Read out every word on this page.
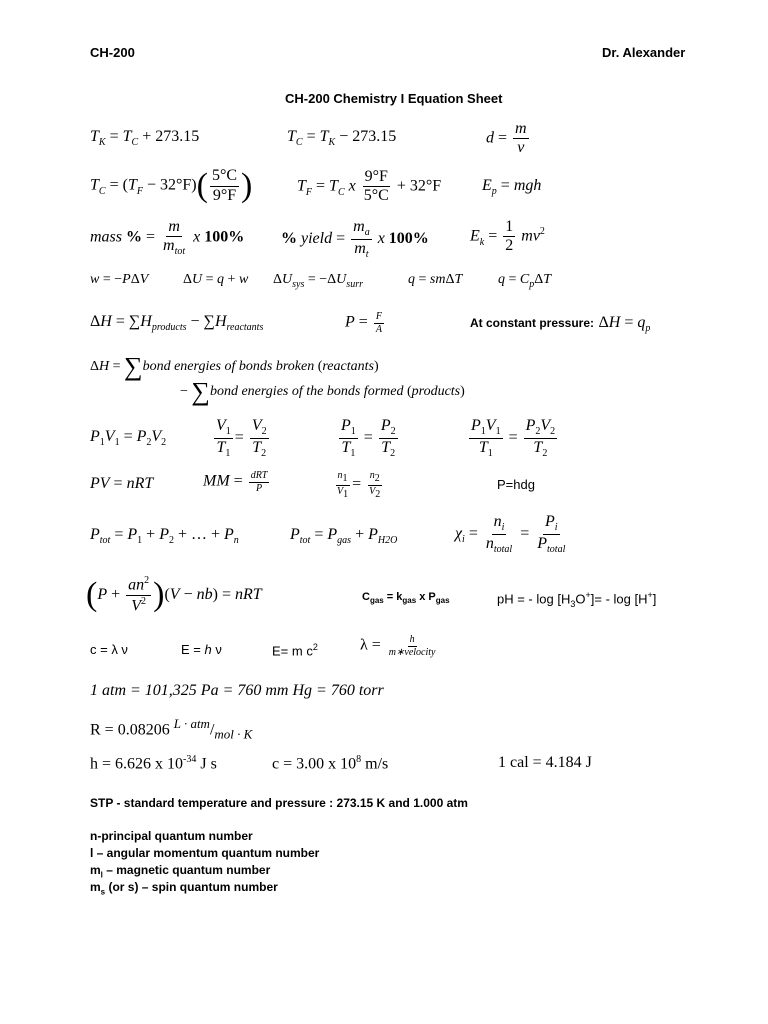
CH-200	Dr. Alexander
CH-200 Chemistry I Equation Sheet
$T_K = T_C + 273.15$	$T_C = T_K - 273.15$	$d = \frac{m}{v}$
$T_C = (T_F - 32^\circ F)( \frac{5^\circ C}{9^\circ F}$ )	$T_F = T_C$ x $\frac{9^\circ F}{5^\circ C} + 32^\circ F$	$E_p$ = mgh
mass % = $\frac{m}{m_{tot}}$ x 100% % yield = $\frac{m_a}{m_t}$ x 100%	$E_k = \frac{1}{2} mv^2$
w = −PΔV ΔU = q + w $\Delta U_{sys} = -\Delta U_{surr}$	q = smΔT	$q = C_p\Delta T$
$\Delta H = \sum H_{products} - \sum H_{reactants}$	$P = \frac{F}{A}$	At constant pressure: $\Delta H = q_p$
ΔH = ∑bond energies of bonds broken (reactants)
− ∑bond energies of the bonds formed (products)
$P_1V_1 = P_2V_2$	$\frac{V_1}{T_1} = \frac{V_2}{T_2}$	$\frac{P_1}{T_1} = \frac{P_2}{T_2}$	$\frac{P_1V_1}{T_1} = \frac{P_2V_2}{T_2}$
PV = nRT	MM = $\frac{\text{dRT}}{P}$	$\frac{n_1}{V_1} = \frac{n_2}{V_2}$	P=hdg
$P_{tot} = P_1 + P_2$ + … + $P_n$	$P_{tot} = P_{gas} + P_{H2O}$	$\chi_i = \frac{n_i}{n_{total}} = \frac{P_i}{P_{total}}$
$(P + \frac{an^2}{V^2} )(V - nb)$ = nRT	$C_{gas} = k_{gas}$ x $P_{gas}$	pH = - $\log [H_3O^+]= - \log [H^+]$
c = λ ν	E = h ν	E= m $c^2$	$\lambda = \frac{h}{\text{m∗velocity}}$
1 atm = 101,325 Pa = 760 mm Hg = 760 torr
R = 0.08206 $^{L \cdot atm}/_{mol \cdot K}$
h = 6.626 x $10^{-34}$ J s	c = 3.00 x $10^8$ m/s	1 cal = 4.184 J
STP - standard temperature and pressure : 273.15 K and 1.000 atm
n-principal quantum number
l – angular momentum quantum number
$m_l$ – magnetic quantum number
$m_s$ (or s) – spin quantum number
